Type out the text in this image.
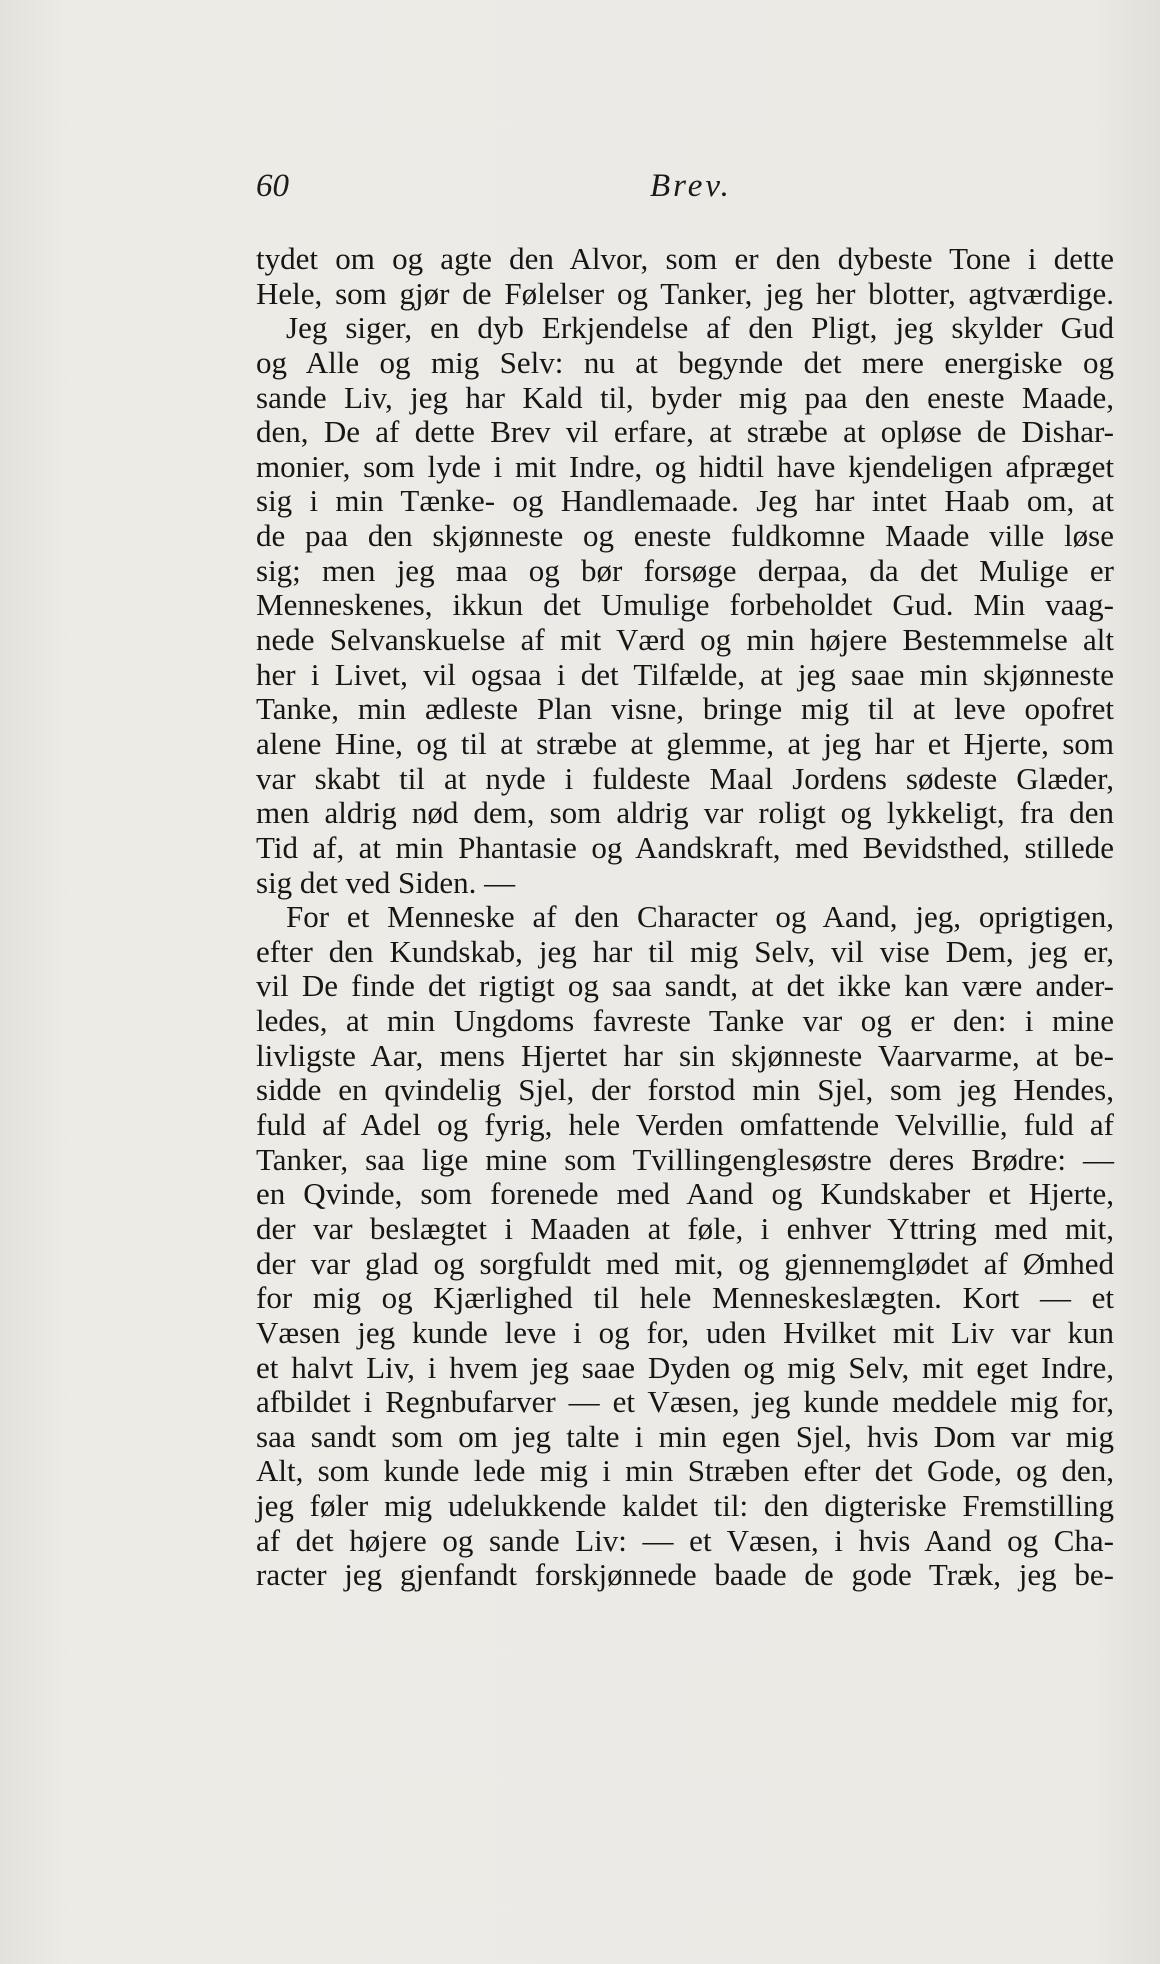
60	Brev.
tydet om og agte den Alvor, som er den dybeste Tone i dette
Hele, som gjør de Følelser og Tanker, jeg her blotter, agtværdige.
Jeg siger, en dyb Erkjendelse af den Pligt, jeg skylder Gud
og Alle og mig Selv: nu at begynde det mere energiske og
sande Liv, jeg har Kald til, byder mig paa den eneste Maade,
den, De af dette Brev vil erfare, at stræbe at opløse de Dishar-
monier, som lyde i mit Indre, og hidtil have kjendeligen afpræget
sig i min Tænke- og Handlemaade. Jeg har intet Haab om, at
de paa den skjønneste og eneste fuldkomne Maade ville løse
sig; men jeg maa og bør forsøge derpaa, da det Mulige er
Menneskenes, ikkun det Umulige forbeholdet Gud. Min vaag-
nede Selvanskuelse af mit Værd og min højere Bestemmelse alt
her i Livet, vil ogsaa i det Tilfælde, at jeg saae min skjønneste
Tanke, min ædleste Plan visne, bringe mig til at leve opofret
alene Hine, og til at stræbe at glemme, at jeg har et Hjerte, som
var skabt til at nyde i fuldeste Maal Jordens sødeste Glæder,
men aldrig nød dem, som aldrig var roligt og lykkeligt, fra den
Tid af, at min Phantasie og Aandskraft, med Bevidsthed, stillede
sig det ved Siden. —
For et Menneske af den Character og Aand, jeg, oprigtigen,
efter den Kundskab, jeg har til mig Selv, vil vise Dem, jeg er,
vil De finde det rigtigt og saa sandt, at det ikke kan være ander-
ledes, at min Ungdoms favreste Tanke var og er den: i mine
livligste Aar, mens Hjertet har sin skjønneste Vaarvarme, at be-
sidde en qvindelig Sjel, der forstod min Sjel, som jeg Hendes,
fuld af Adel og fyrig, hele Verden omfattende Velvillie, fuld af
Tanker, saa lige mine som Tvillingenglesøstre deres Brødre: —
en Qvinde, som forenede med Aand og Kundskaber et Hjerte,
der var beslægtet i Maaden at føle, i enhver Yttring med mit,
der var glad og sorgfuldt med mit, og gjennemglødet af Ømhed
for mig og Kjærlighed til hele Menneskeslægten. Kort — et
Væsen jeg kunde leve i og for, uden Hvilket mit Liv var kun
et halvt Liv, i hvem jeg saae Dyden og mig Selv, mit eget Indre,
afbildet i Regnbufarver — et Væsen, jeg kunde meddele mig for,
saa sandt som om jeg talte i min egen Sjel, hvis Dom var mig
Alt, som kunde lede mig i min Stræben efter det Gode, og den,
jeg føler mig udelukkende kaldet til: den digteriske Fremstilling
af det højere og sande Liv: — et Væsen, i hvis Aand og Cha-
racter jeg gjenfandt forskjønnede baade de gode Træk, jeg be-
